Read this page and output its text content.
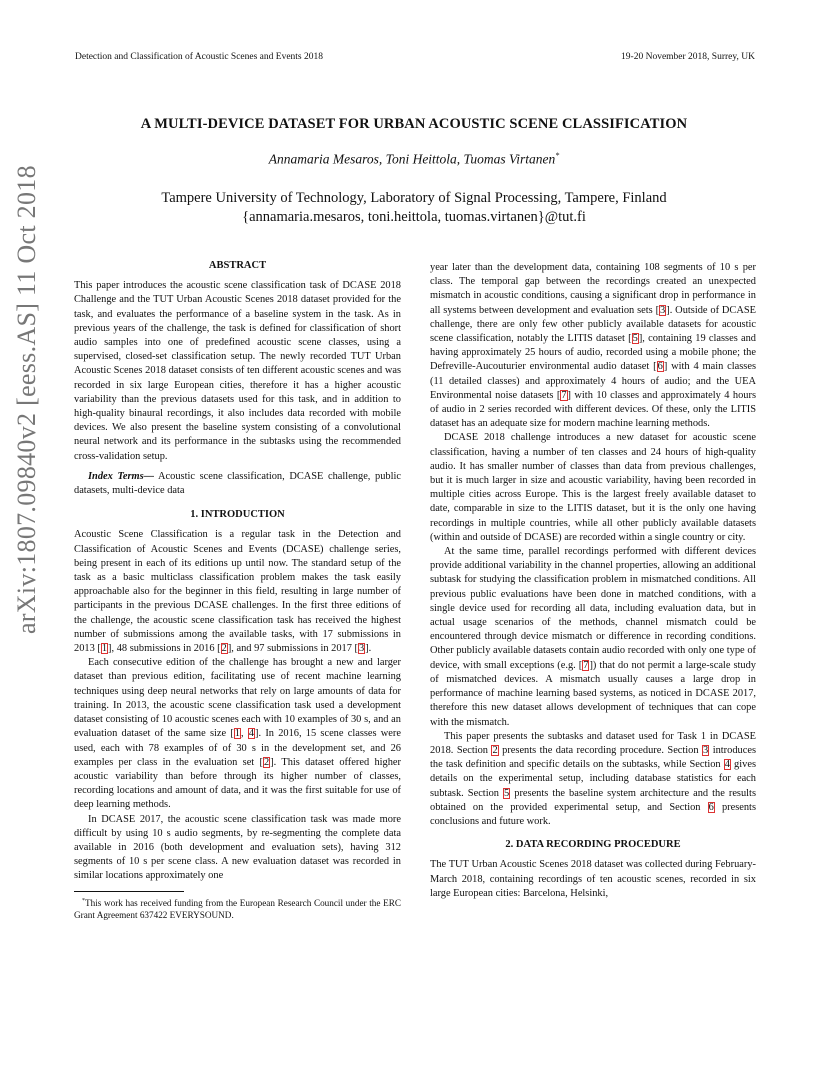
Detection and Classification of Acoustic Scenes and Events 2018	19-20 November 2018, Surrey, UK
A MULTI-DEVICE DATASET FOR URBAN ACOUSTIC SCENE CLASSIFICATION
Annamaria Mesaros, Toni Heittola, Tuomas Virtanen*
Tampere University of Technology, Laboratory of Signal Processing, Tampere, Finland
{annamaria.mesaros, toni.heittola, tuomas.virtanen}@tut.fi
arXiv:1807.09840v2 [eess.AS] 11 Oct 2018	ABSTRACT

This paper introduces the acoustic scene classification task of DCASE 2018 Challenge and the TUT Urban Acoustic Scenes 2018 dataset provided for the task, and evaluates the performance of a baseline system in the task. As in previous years of the challenge, the task is defined for classification of short audio samples into one of predefined acoustic scene classes, using a supervised, closed-set classification setup. The newly recorded TUT Urban Acoustic Scenes 2018 dataset consists of ten different acoustic scenes and was recorded in six large European cities, therefore it has a higher acoustic variability than the previous datasets used for this task, and in addition to high-quality binaural recordings, it also includes data recorded with mobile devices. We also present the baseline system consisting of a convolutional neural network and its performance in the subtasks using the recommended cross-validation setup.

Index Terms— Acoustic scene classification, DCASE challenge, public datasets, multi-device data

1. INTRODUCTION

Acoustic Scene Classification is a regular task in the Detection and Classification of Acoustic Scenes and Events (DCASE) challenge series, being present in each of its editions up until now. The standard setup of the task as a basic multiclass classification problem makes the task easily approachable also for the beginner in this field, resulting in large number of participants in the previous DCASE challenges. In the first three editions of the challenge, the acoustic scene classification task has received the highest number of submissions among the available tasks, with 17 submissions in 2013 [1], 48 submissions in 2016 [2], and 97 submissions in 2017 [3].

Each consecutive edition of the challenge has brought a new and larger dataset than previous edition, facilitating use of recent machine learning techniques using deep neural networks that rely on large amounts of data for training. In 2013, the acoustic scene classification task used a development dataset consisting of 10 acoustic scenes each with 10 examples of 30 s, and an evaluation dataset of the same size [1, 4]. In 2016, 15 scene classes were used, each with 78 examples of of 30 s in the development set, and 26 examples per class in the evaluation set [2]. This dataset offered higher acoustic variability than before through its higher number of classes, recording locations and amount of data, and it was the first suitable for use of deep learning methods.

In DCASE 2017, the acoustic scene classification task was made more difficult by using 10 s audio segments, by re-segmenting the complete data available in 2016 (both development and evaluation sets), having 312 segments of 10 s per scene class. A new evaluation dataset was recorded in similar locations approximately one

*This work has received funding from the European Research Council under the ERC Grant Agreement 637422 EVERYSOUND.

year later than the development data, containing 108 segments of 10 s per class. The temporal gap between the recordings created an unexpected mismatch in acoustic conditions, causing a significant drop in performance in all systems between development and evaluation sets [3]. Outside of DCASE challenge, there are only few other publicly available datasets for acoustic scene classification, notably the LITIS dataset [5], containing 19 classes and having approximately 25 hours of audio, recorded using a mobile phone; the Defreville-Aucouturier environmental audio dataset [6] with 4 main classes (11 detailed classes) and approximately 4 hours of audio; and the UEA Environmental noise datasets [7] with 10 classes and approximately 4 hours of audio in 2 series recorded with different devices. Of these, only the LITIS dataset has an adequate size for modern machine learning methods.

DCASE 2018 challenge introduces a new dataset for acoustic scene classification, having a number of ten classes and 24 hours of high-quality audio. It has smaller number of classes than data from previous challenges, but it is much larger in size and acoustic variability, having been recorded in multiple cities across Europe. This is the largest freely available dataset to date, comparable in size to the LITIS dataset, but it is the only one having recordings in multiple countries, while all other publicly available datasets (within and outside of DCASE) are recorded within a single country or city.

At the same time, parallel recordings performed with different devices provide additional variability in the channel properties, allowing an additional subtask for studying the classification problem in mismatched conditions. All previous public evaluations have been done in matched conditions, with a single device used for recording all data, including evaluation data, but in actual usage scenarios of the methods, channel mismatch could be encountered through device mismatch or difference in recording conditions. Other publicly available datasets contain audio recorded with only one type of device, with small exceptions (e.g. [7]) that do not permit a large-scale study of mismatched devices. A mismatch usually causes a large drop in performance of machine learning based systems, as noticed in DCASE 2017, therefore this new dataset allows development of techniques that can cope with the mismatch.

This paper presents the subtasks and dataset used for Task 1 in DCASE 2018. Section 2 presents the data recording procedure. Section 3 introduces the task definition and specific details on the subtasks, while Section 4 gives details on the experimental setup, including database statistics for each subtask. Section 5 presents the baseline system architecture and the results obtained on the provided experimental setup, and Section 6 presents conclusions and future work.

2. DATA RECORDING PROCEDURE

The TUT Urban Acoustic Scenes 2018 dataset was collected during February-March 2018, containing recordings of ten acoustic scenes, recorded in six large European cities: Barcelona, Helsinki,
